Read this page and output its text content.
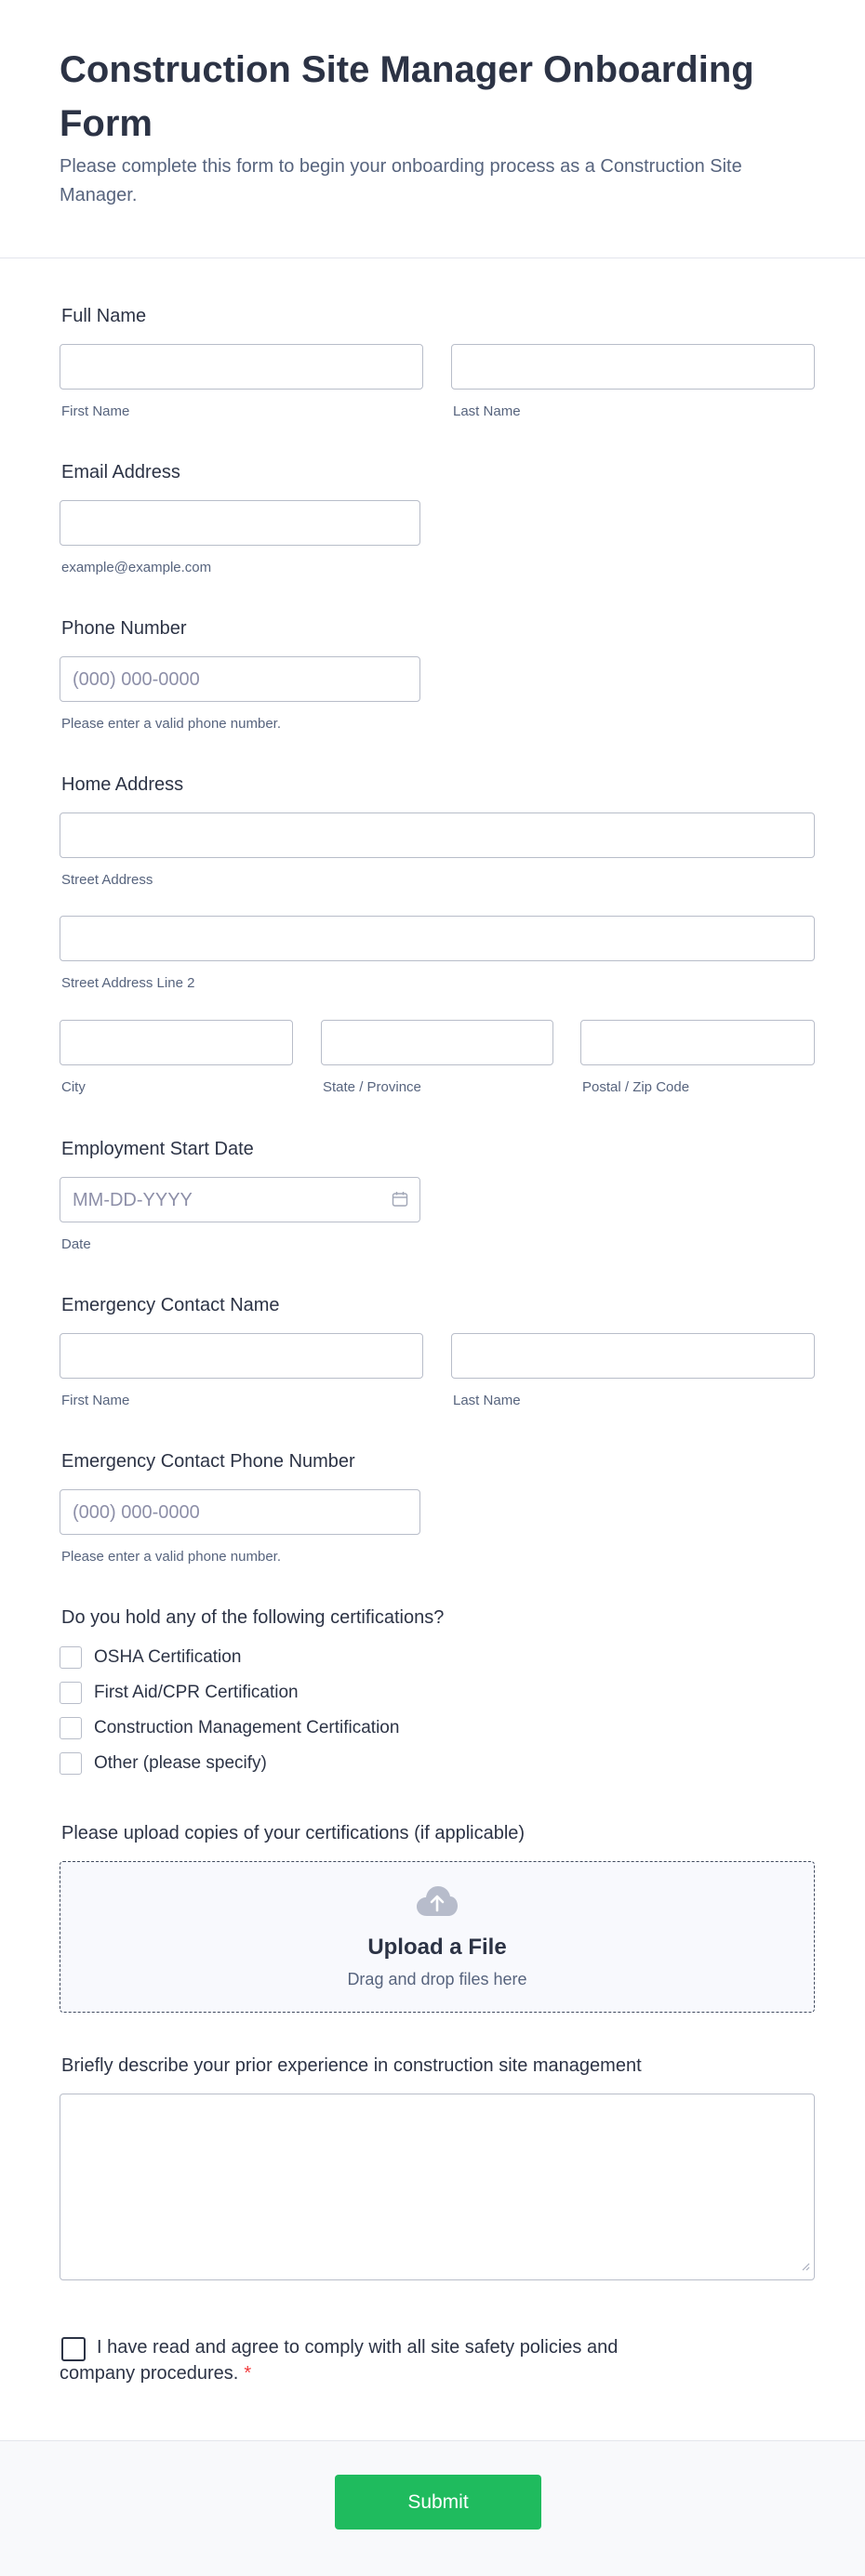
Construction Site Manager Onboarding Form
Please complete this form to begin your onboarding process as a Construction Site Manager.
Full Name
First Name	Last Name
Email Address
example@example.com
Phone Number
(000) 000-0000
Please enter a valid phone number.
Home Address
Street Address
Street Address Line 2
City	State / Province	Postal / Zip Code
Employment Start Date
MM-DD-YYYY
Date
Emergency Contact Name
First Name	Last Name
Emergency Contact Phone Number
(000) 000-0000
Please enter a valid phone number.
Do you hold any of the following certifications?
OSHA Certification
First Aid/CPR Certification
Construction Management Certification
Other (please specify)
Please upload copies of your certifications (if applicable)
Upload a File
Drag and drop files here
Briefly describe your prior experience in construction site management
I have read and agree to comply with all site safety policies and company procedures. *
Submit
